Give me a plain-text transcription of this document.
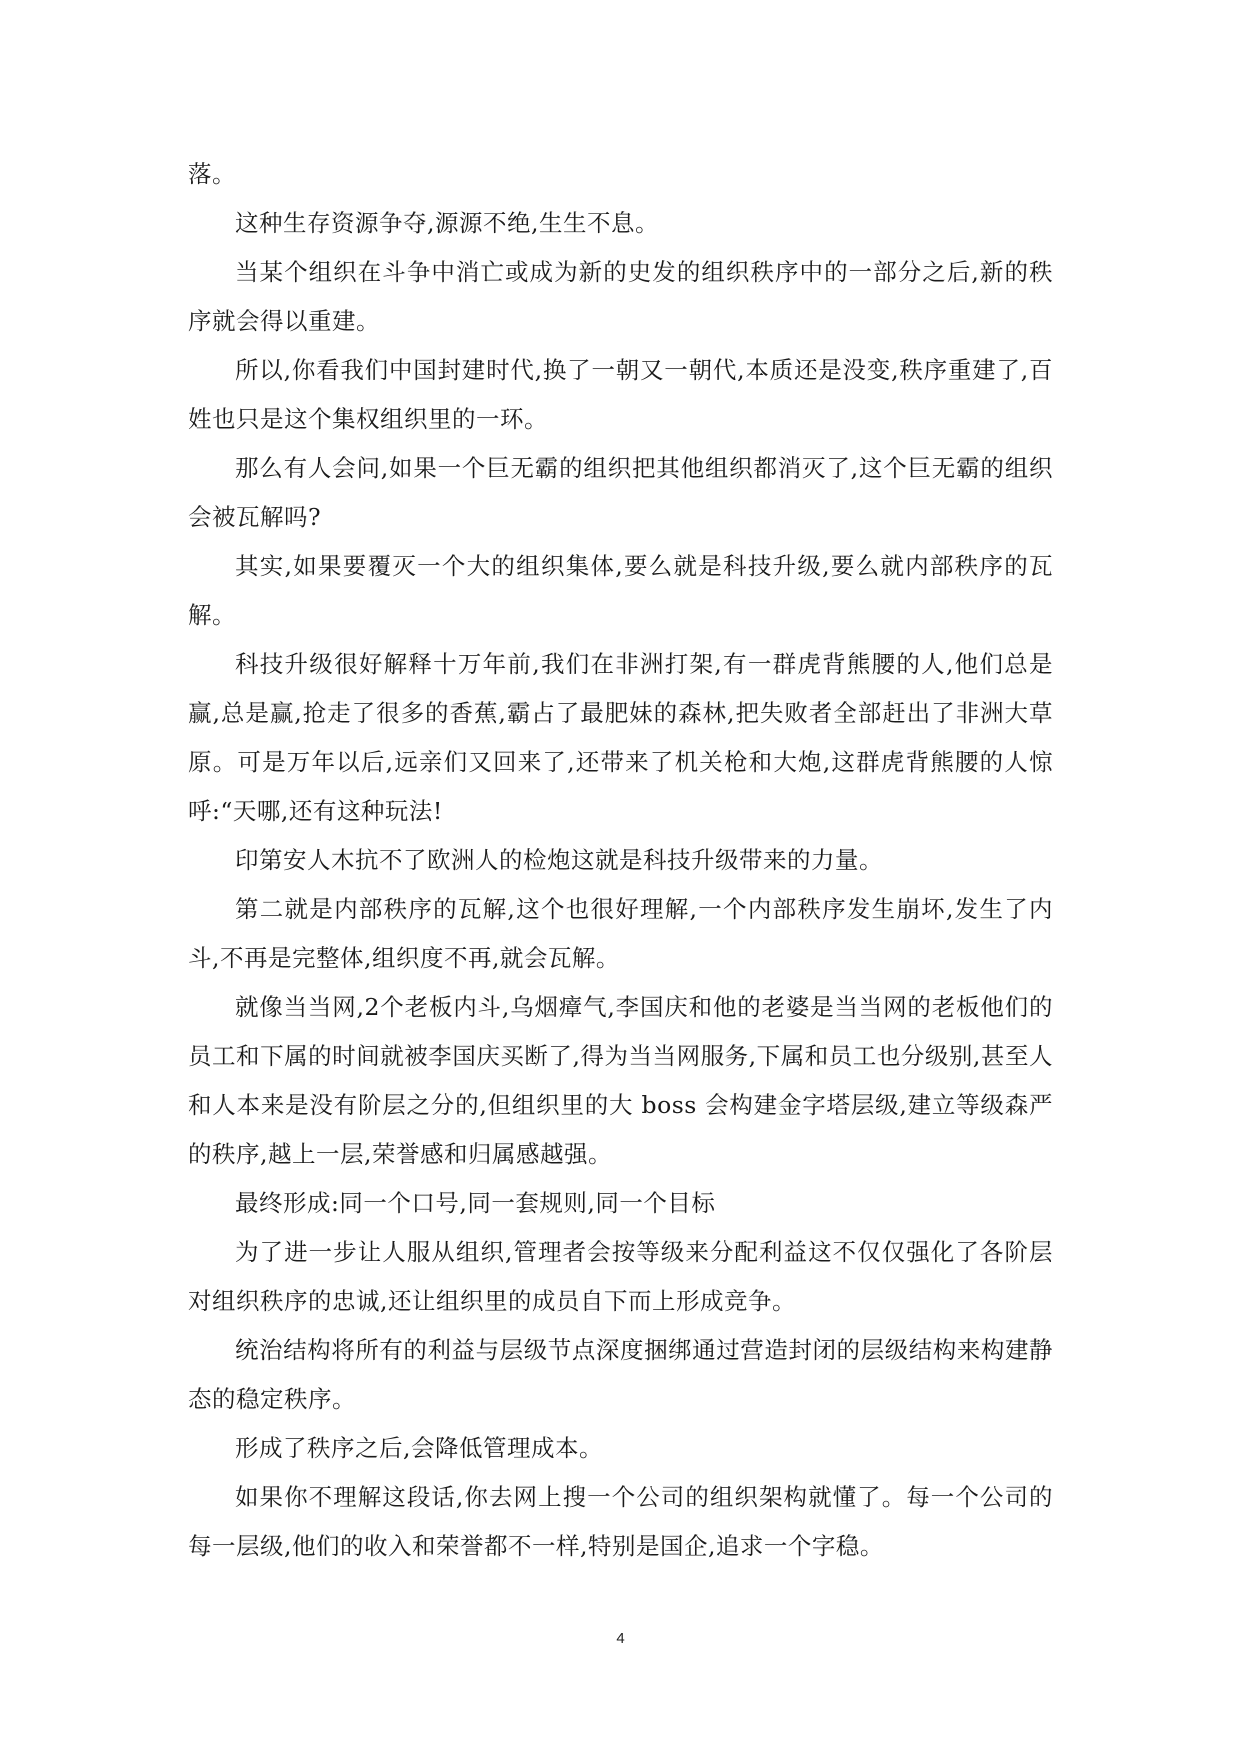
落。

这种生存资源争夺,源源不绝,生生不息。

当某个组织在斗争中消亡或成为新的史发的组织秩序中的一部分之后,新的秩序就会得以重建。

所以,你看我们中国封建时代,换了一朝又一朝代,本质还是没变,秩序重建了,百姓也只是这个集权组织里的一环。

那么有人会问,如果一个巨无霸的组织把其他组织都消灭了,这个巨无霸的组织会被瓦解吗?

其实,如果要覆灭一个大的组织集体,要么就是科技升级,要么就内部秩序的瓦解。

科技升级很好解释十万年前,我们在非洲打架,有一群虎背熊腰的人,他们总是赢,总是赢,抢走了很多的香蕉,霸占了最肥妹的森林,把失败者全部赶出了非洲大草原。可是万年以后,远亲们又回来了,还带来了机关枪和大炮,这群虎背熊腰的人惊呼:“天哪,还有这种玩法!

印第安人木抗不了欧洲人的检炮这就是科技升级带来的力量。

第二就是内部秩序的瓦解,这个也很好理解,一个内部秩序发生崩坏,发生了内斗,不再是完整体,组织度不再,就会瓦解。

就像当当网,2个老板内斗,乌烟瘴气,李国庆和他的老婆是当当网的老板他们的员工和下属的时间就被李国庆买断了,得为当当网服务,下属和员工也分级别,甚至人和人本来是没有阶层之分的,但组织里的大 boss 会构建金字塔层级,建立等级森严的秩序,越上一层,荣誉感和归属感越强。

最终形成:同一个口号,同一套规则,同一个目标

为了进一步让人服从组织,管理者会按等级来分配利益这不仅仅强化了各阶层对组织秩序的忠诚,还让组织里的成员自下而上形成竞争。

统治结构将所有的利益与层级节点深度捆绑通过营造封闭的层级结构来构建静态的稳定秩序。

形成了秩序之后,会降低管理成本。

如果你不理解这段话,你去网上搜一个公司的组织架构就懂了。每一个公司的每一层级,他们的收入和荣誉都不一样,特别是国企,追求一个字稳。

4
